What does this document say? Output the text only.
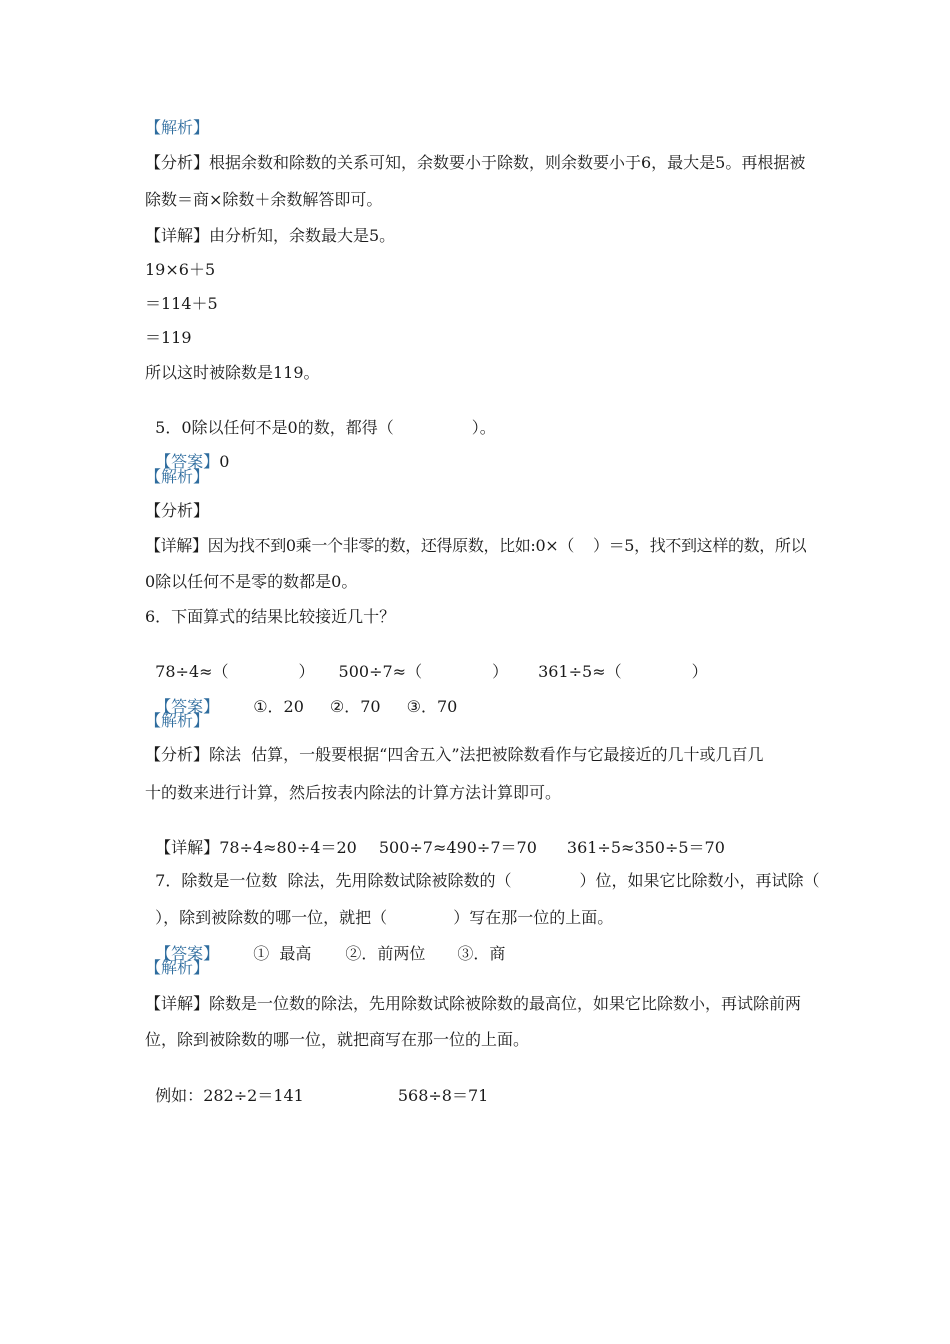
【解析】
【分析】根据余数和除数的关系可知，余数要小于除数，则余数要小于6，最大是5。再根据被
除数＝商×除数＋余数解答即可。
【详解】由分析知，余数最大是5。
19×6＋5
＝114＋5
＝119
所以这时被除数是119。

5．0除以任何不是0的数，都得（	）。

【答案】0

【解析】
【分析】
【详解】因为找不到0乘一个非零的数，还得原数，比如:0×（    ）＝5，找不到这样的数，所以
0除以任何不是零的数都是0。
6．下面算式的结果比较接近几十？

78÷4≈（	） 500÷7≈（	） 361÷5≈（	）

【答案】 ①．20 ②．70 ③．70

【解析】
【分析】除法  估算，一般要根据“四舍五入”法把被除数看作与它最接近的几十或几百几
十的数来进行计算，然后按表内除法的计算方法计算即可。

【详解】78÷4≈80÷4＝20 500÷7≈490÷7＝70 361÷5≈350÷5＝70

7．除数是一位数  除法，先用除数试除被除数的（	）位，如果它比除数小，再试除（

），除到被除数的哪一位，就把（	）写在那一位的上面。

【答案】 ①  最高 ②．前两位 ③．商

【解析】
【详解】除数是一位数的除法，先用除数试除被除数的最高位，如果它比除数小，再试除前两
位，除到被除数的哪一位，就把商写在那一位的上面。

例如：282÷2＝141	568÷8＝71
